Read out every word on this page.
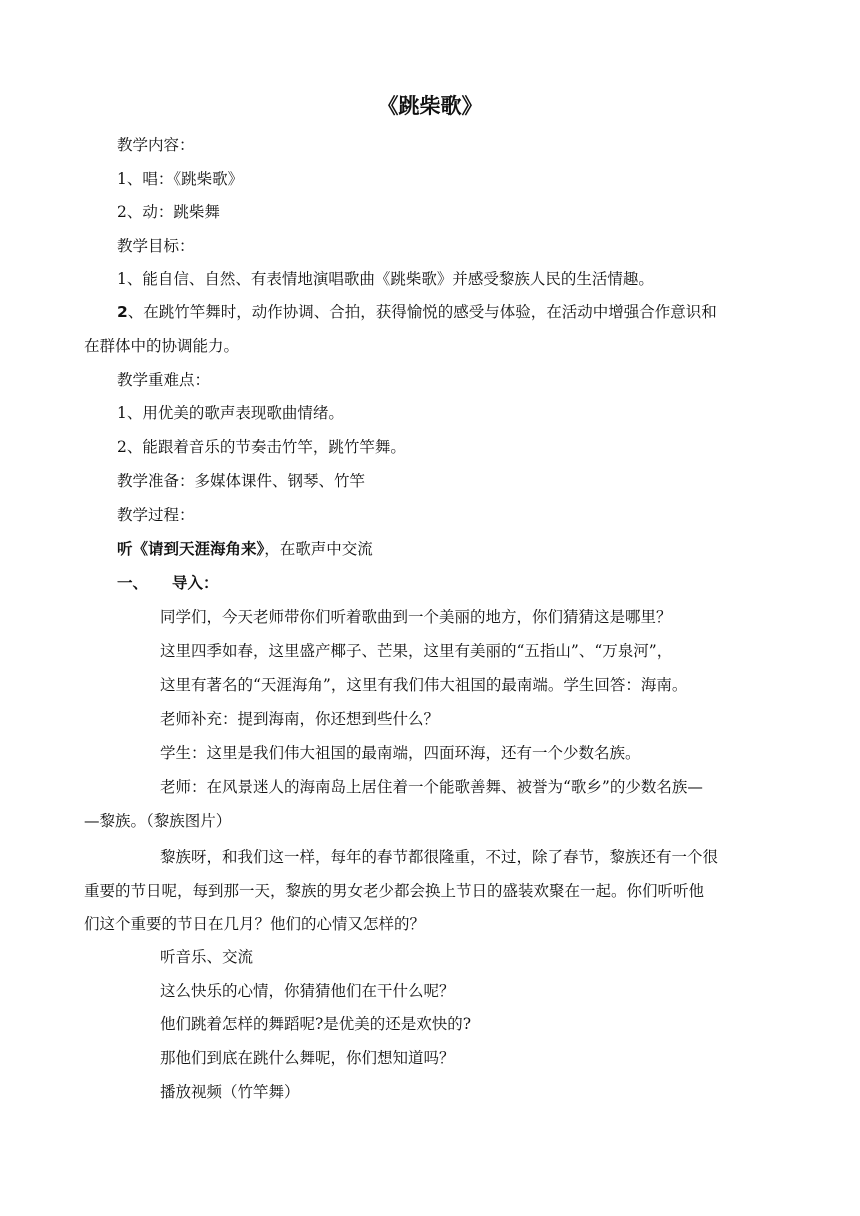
《跳柴歌》
教学内容：
1、唱：《跳柴歌》
2、动：跳柴舞
教学目标：
1、能自信、自然、有表情地演唱歌曲《跳柴歌》并感受黎族人民的生活情趣。
2、在跳竹竿舞时，动作协调、合拍，获得愉悦的感受与体验，在活动中增强合作意识和
在群体中的协调能力。
教学重难点：
1、用优美的歌声表现歌曲情绪。
2、能跟着音乐的节奏击竹竿，跳竹竿舞。
教学准备：多媒体课件、钢琴、竹竿
教学过程：
听《请到天涯海角来》，在歌声中交流
一、 导入：
同学们，今天老师带你们听着歌曲到一个美丽的地方，你们猜猜这是哪里？
这里四季如春，这里盛产椰子、芒果，这里有美丽的“五指山”、“万泉河”，
这里有著名的“天涯海角”，这里有我们伟大祖国的最南端。学生回答：海南。
老师补充：提到海南，你还想到些什么？
学生：这里是我们伟大祖国的最南端，四面环海，还有一个少数名族。
老师：在风景迷人的海南岛上居住着一个能歌善舞、被誉为“歌乡”的少数名族—
—黎族。（黎族图片）
黎族呀，和我们这一样，每年的春节都很隆重，不过，除了春节，黎族还有一个很
重要的节日呢，每到那一天，黎族的男女老少都会换上节日的盛装欢聚在一起。你们听听他
们这个重要的节日在几月？他们的心情又怎样的？
听音乐、交流
这么快乐的心情，你猜猜他们在干什么呢？
他们跳着怎样的舞蹈呢?是优美的还是欢快的?
那他们到底在跳什么舞呢，你们想知道吗？
播放视频（竹竿舞）
